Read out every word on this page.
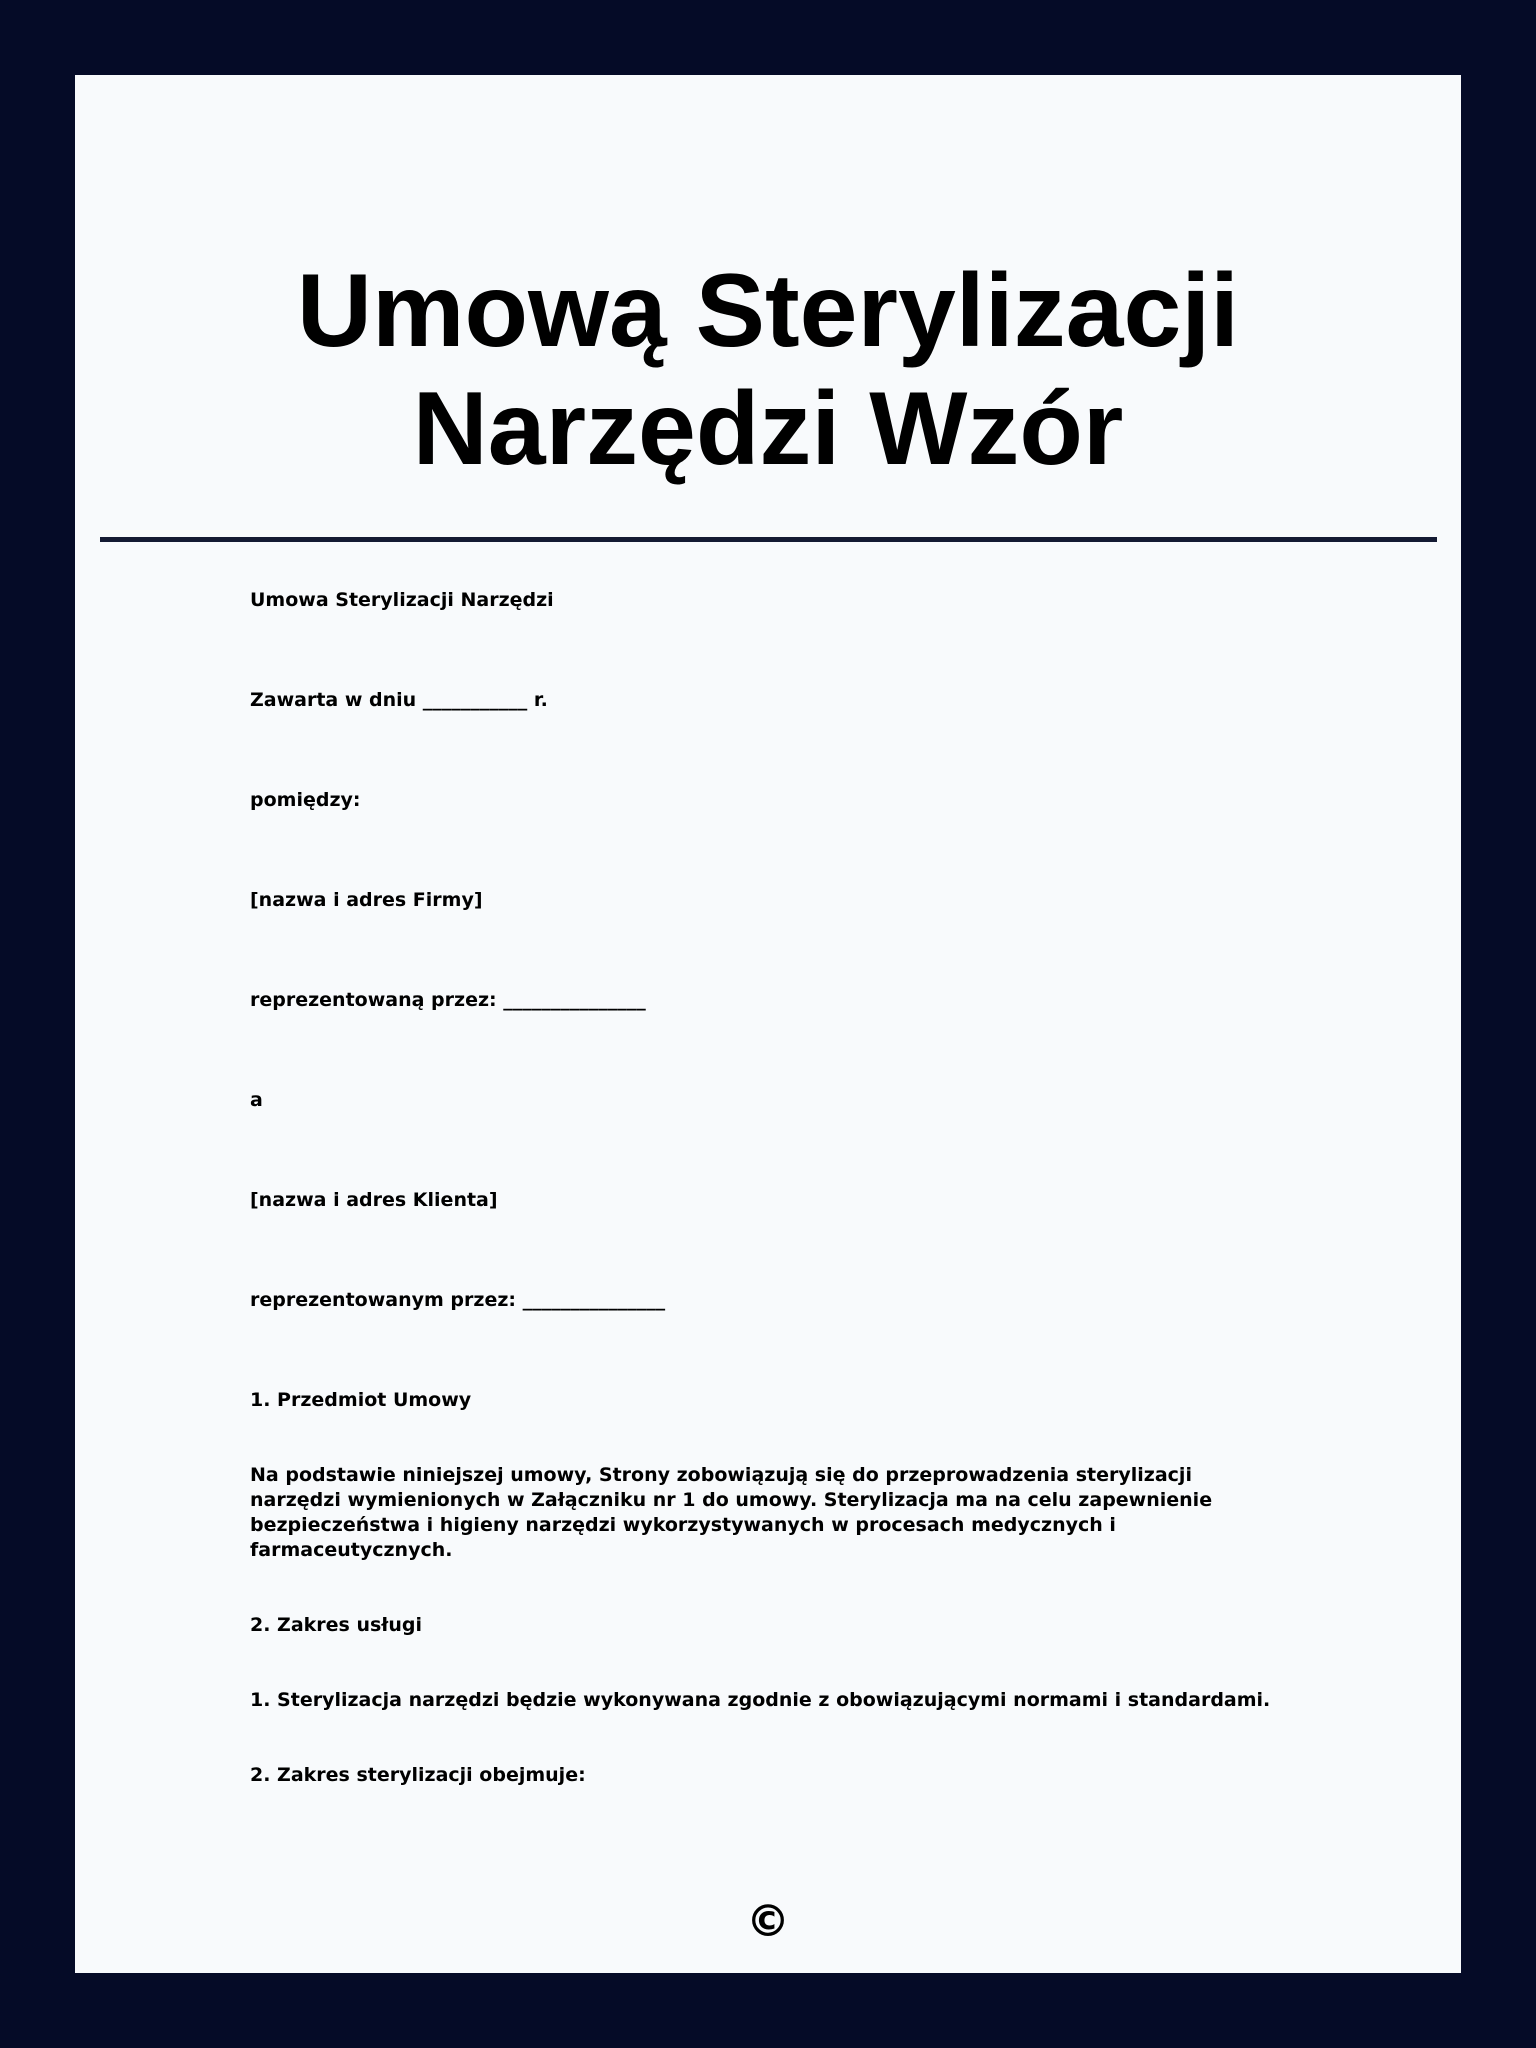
Umową Sterylizacji Narzędzi Wzór

Umowa Sterylizacji Narzędzi

Zawarta w dniu ___________ r.

pomiędzy:

[nazwa i adres Firmy]

reprezentowaną przez: _______________

a

[nazwa i adres Klienta]

reprezentowanym przez: _______________

1. Przedmiot Umowy

Na podstawie niniejszej umowy, Strony zobowiązują się do przeprowadzenia sterylizacji narzędzi wymienionych w Załączniku nr 1 do umowy. Sterylizacja ma na celu zapewnienie bezpieczeństwa i higieny narzędzi wykorzystywanych w procesach medycznych i farmaceutycznych.

2. Zakres usługi

1. Sterylizacja narzędzi będzie wykonywana zgodnie z obowiązującymi normami i standardami.

2. Zakres sterylizacji obejmuje:

©
